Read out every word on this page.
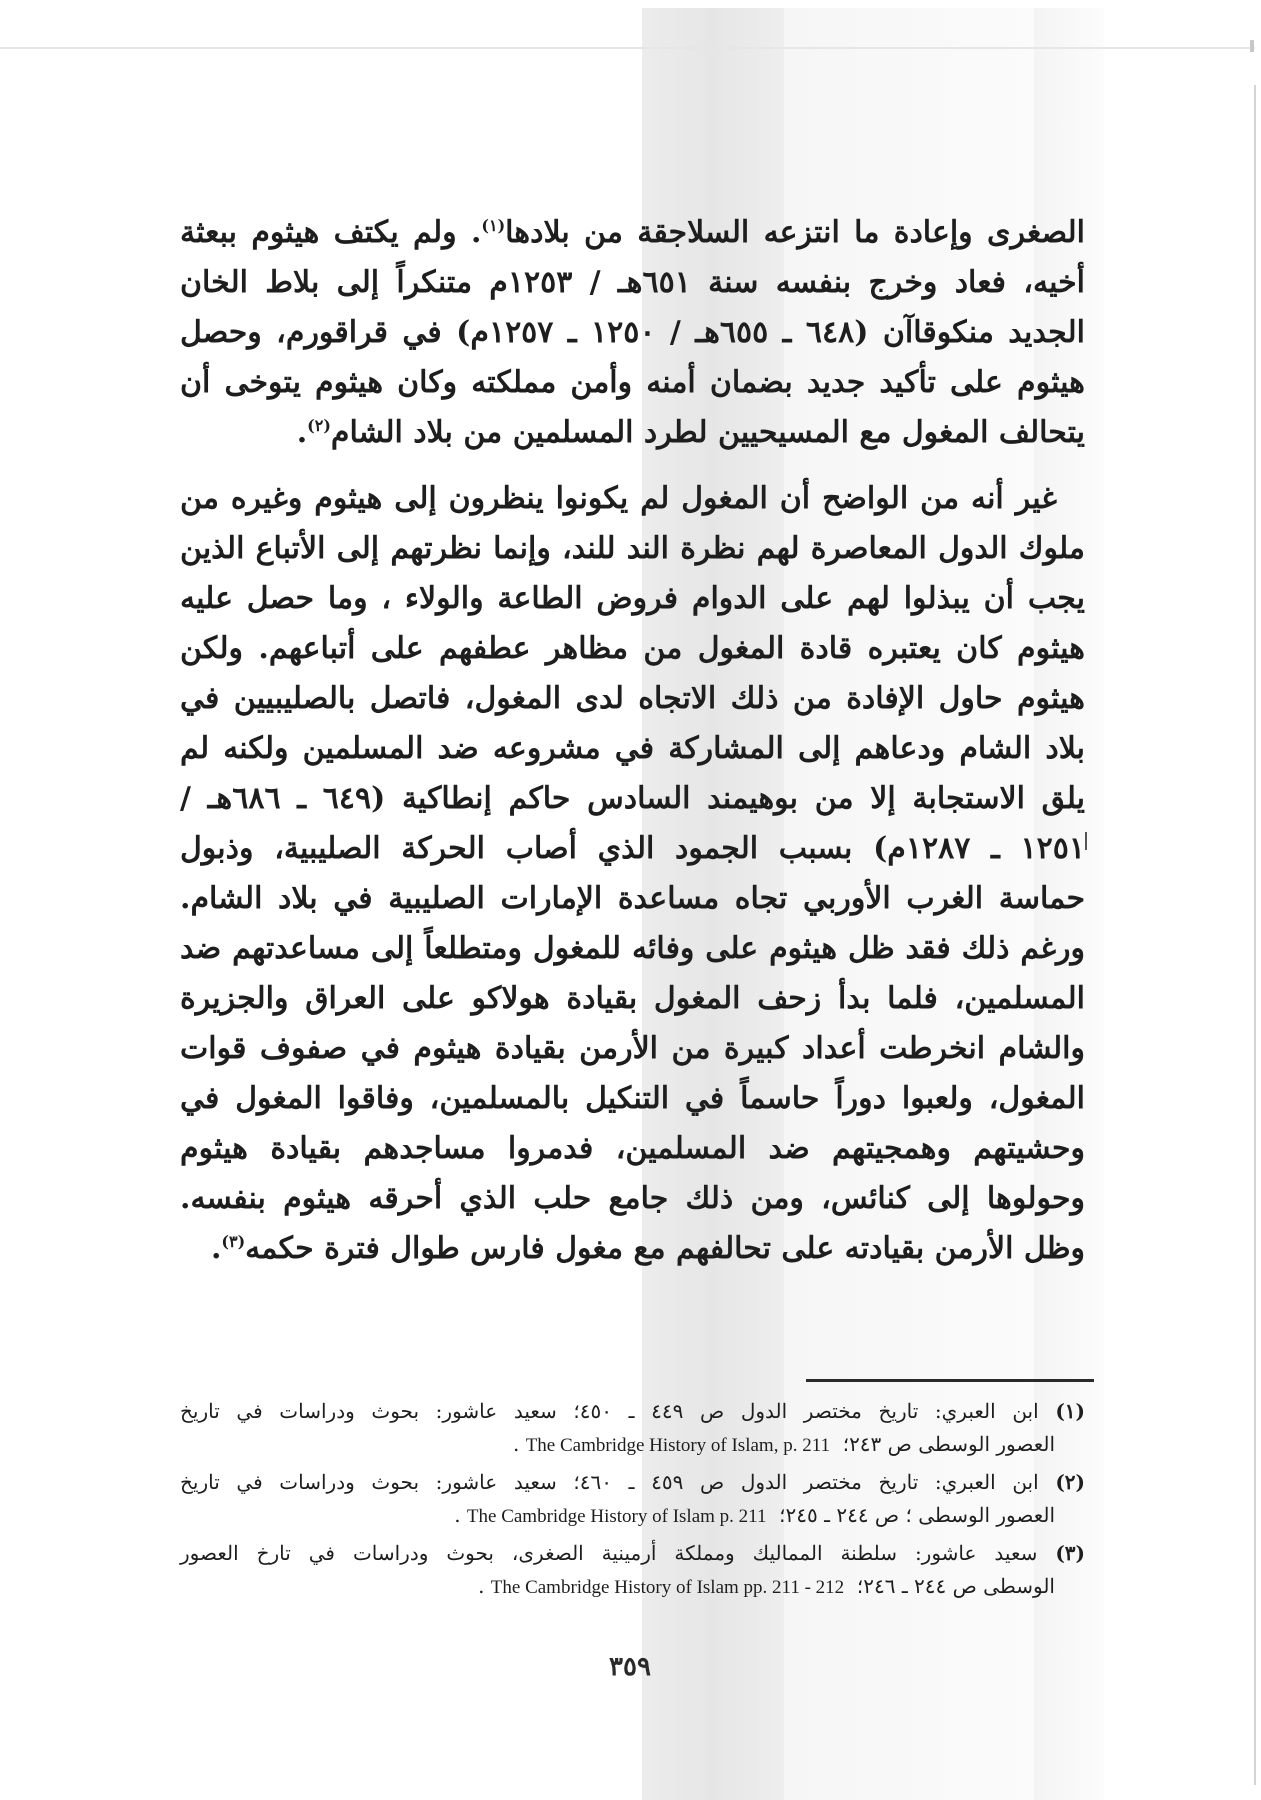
الصغرى وإعادة ما انتزعه السلاجقة من بلادها$^{(١)}$. ولم يكتف هيثوم ببعثة أخيه، فعاد وخرج بنفسه سنة ٦٥١هـ / ١٢٥٣م متنكراً إلى بلاط الخان الجديد منكوقاآن (٦٤٨ ـ ٦٥٥هـ / ١٢٥٠ ـ ١٢٥٧م) في قراقورم، وحصل هيثوم على تأكيد جديد بضمان أمنه وأمن مملكته وكان هيثوم يتوخى أن يتحالف المغول مع المسيحيين لطرد المسلمين من بلاد الشام$^{(٢)}$.

غير أنه من الواضح أن المغول لم يكونوا ينظرون إلى هيثوم وغيره من ملوك الدول المعاصرة لهم نظرة الند للند، وإنما نظرتهم إلى الأتباع الذين يجب أن يبذلوا لهم على الدوام فروض الطاعة والولاء ، وما حصل عليه هيثوم كان يعتبره قادة المغول من مظاهر عطفهم على أتباعهم. ولكن هيثوم حاول الإفادة من ذلك الاتجاه لدى المغول، فاتصل بالصليبيين في بلاد الشام ودعاهم إلى المشاركة في مشروعه ضد المسلمين ولكنه لم يلق الاستجابة إلا من بوهيمند السادس حاكم إنطاكية (٦٤٩ ـ ٦٨٦هـ / ١٢٥١ ـ ١٢٨٧م) بسبب الجمود الذي أصاب الحركة الصليبية، وذبول حماسة الغرب الأوربي تجاه مساعدة الإمارات الصليبية في بلاد الشام. ورغم ذلك فقد ظل هيثوم على وفائه للمغول ومتطلعاً إلى مساعدتهم ضد المسلمين، فلما بدأ زحف المغول بقيادة هولاكو على العراق والجزيرة والشام انخرطت أعداد كبيرة من الأرمن بقيادة هيثوم في صفوف قوات المغول، ولعبوا دوراً حاسماً في التنكيل بالمسلمين، وفاقوا المغول في وحشيتهم وهمجيتهم ضد المسلمين، فدمروا مساجدهم بقيادة هيثوم وحولوها إلى كنائس، ومن ذلك جامع حلب الذي أحرقه هيثوم بنفسه. وظل الأرمن بقيادته على تحالفهم مع مغول فارس طوال فترة حكمه$^{(٣)}$.

(١) ابن العبري: تاريخ مختصر الدول ص ٤٤٩ ـ ٤٥٠؛ سعيد عاشور: بحوث ودراسات في تاريخ
العصور الوسطى ص ٢٤٣؛  The Cambridge History of Islam, p. 211 .
(٢) ابن العبري: تاريخ مختصر الدول ص ٤٥٩ ـ ٤٦٠؛ سعيد عاشور: بحوث ودراسات في تاريخ
العصور الوسطى ؛ ص ٢٤٤ ـ ٢٤٥؛  The Cambridge History of Islam p. 211 .
(٣) سعيد عاشور: سلطنة المماليك ومملكة أرمينية الصغرى، بحوث ودراسات في تارخ العصور
الوسطى ص ٢٤٤ ـ ٢٤٦؛  The Cambridge History of Islam pp. 211 - 212 .
٣٥٩
